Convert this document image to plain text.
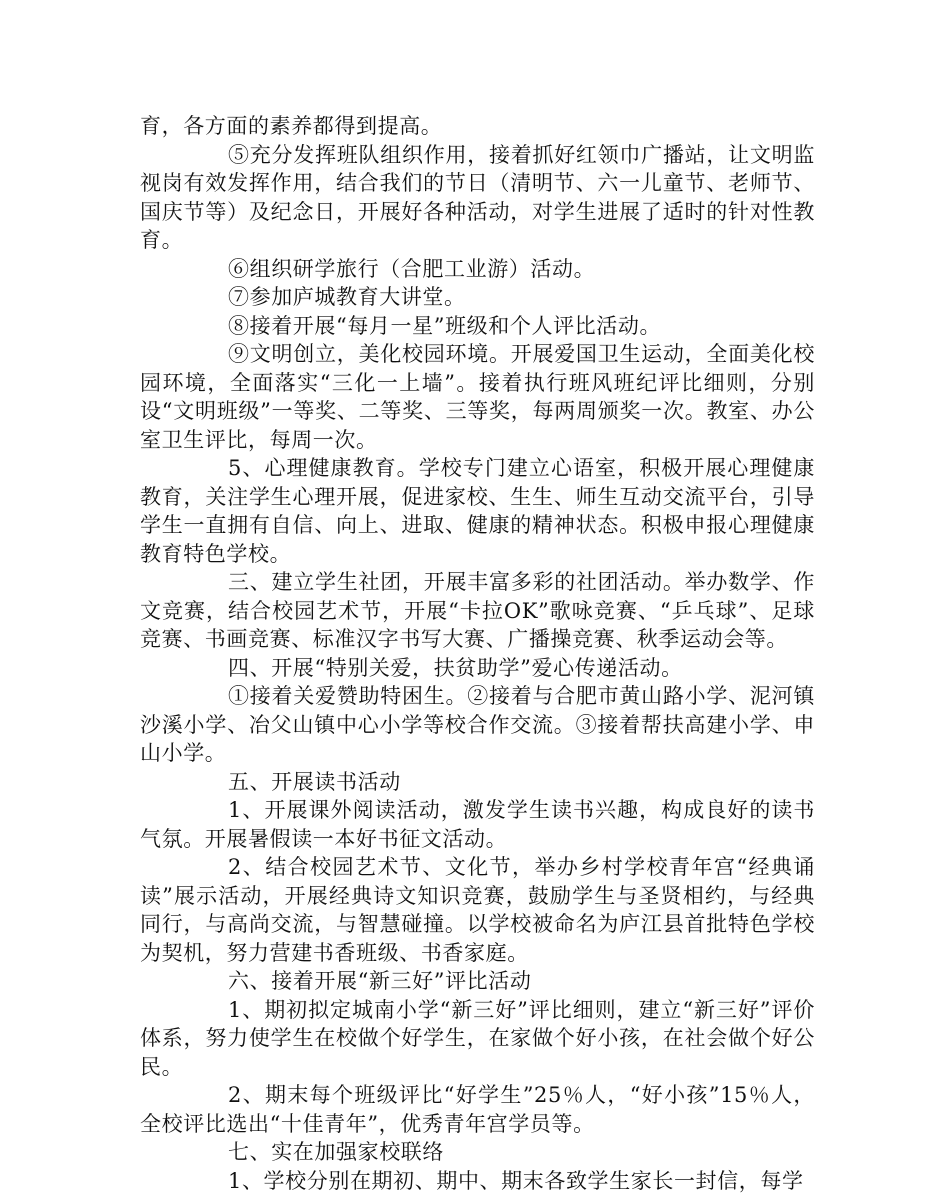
育，各方面的素养都得到提高。

⑤充分发挥班队组织作用，接着抓好红领巾广播站，让文明监视岗有效发挥作用，结合我们的节日（清明节、六一儿童节、老师节、国庆节等）及纪念日，开展好各种活动，对学生进展了适时的针对性教育。

⑥组织研学旅行（合肥工业游）活动。

⑦参加庐城教育大讲堂。

⑧接着开展“每月一星”班级和个人评比活动。

⑨文明创立，美化校园环境。开展爱国卫生运动，全面美化校园环境，全面落实“三化一上墙”。接着执行班风班纪评比细则，分别设“文明班级”一等奖、二等奖、三等奖，每两周颁奖一次。教室、办公室卫生评比，每周一次。

5、心理健康教育。学校专门建立心语室，积极开展心理健康教育，关注学生心理开展，促进家校、生生、师生互动交流平台，引导学生一直拥有自信、向上、进取、健康的精神状态。积极申报心理健康教育特色学校。

三、建立学生社团，开展丰富多彩的社团活动。举办数学、作文竞赛，结合校园艺术节，开展“卡拉OK”歌咏竞赛、“乒乓球”、足球竞赛、书画竞赛、标准汉字书写大赛、广播操竞赛、秋季运动会等。

四、开展“特别关爱，扶贫助学”爱心传递活动。

①接着关爱赞助特困生。②接着与合肥市黄山路小学、泥河镇沙溪小学、冶父山镇中心小学等校合作交流。③接着帮扶高建小学、申山小学。

五、开展读书活动

1、开展课外阅读活动，激发学生读书兴趣，构成良好的读书气氛。开展暑假读一本好书征文活动。

2、结合校园艺术节、文化节，举办乡村学校青年宫“经典诵读”展示活动，开展经典诗文知识竞赛，鼓励学生与圣贤相约，与经典同行，与高尚交流，与智慧碰撞。以学校被命名为庐江县首批特色学校为契机，努力营建书香班级、书香家庭。

六、接着开展“新三好”评比活动

1、期初拟定城南小学“新三好”评比细则，建立“新三好”评价体系，努力使学生在校做个好学生，在家做个好小孩，在社会做个好公民。

2、期末每个班级评比“好学生”25％人，“好小孩”15％人，全校评比选出“十佳青年”，优秀青年宫学员等。

七、实在加强家校联络

1、学校分别在期初、期中、期末各致学生家长一封信，每学
